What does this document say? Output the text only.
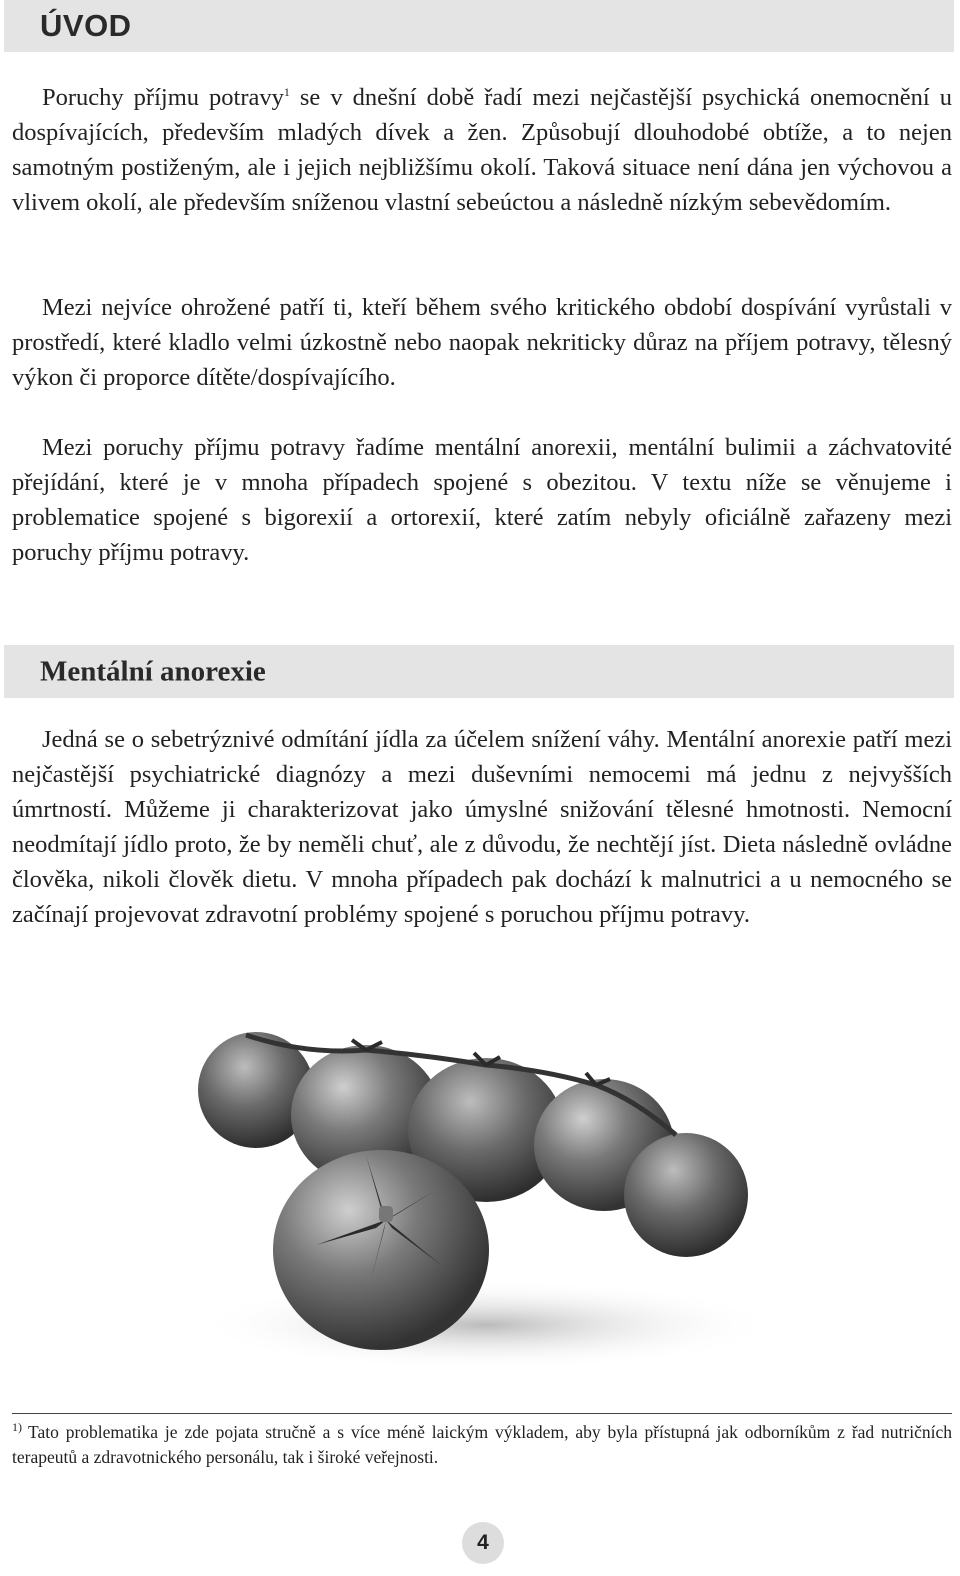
ÚVOD

Poruchy příjmu potravy$^1$ se v dnešní době řadí mezi nejčastější psychická onemocnění u dospívajících, především mladých dívek a žen. Způsobují dlouhodobé obtíže, a to nejen samotným postiženým, ale i jejich nejbližšímu okolí. Taková situace není dána jen výchovou a vlivem okolí, ale především sníženou vlastní sebeúctou a následně nízkým sebevědomím.

Mezi nejvíce ohrožené patří ti, kteří během svého kritického období dospívání vyrůstali v prostředí, které kladlo velmi úzkostně nebo naopak nekriticky důraz na příjem potravy, tělesný výkon či proporce dítěte/dospívajícího.

Mezi poruchy příjmu potravy řadíme mentální anorexii, mentální bulimii a záchvatovité přejídání, které je v mnoha případech spojené s obezitou. V textu níže se věnujeme i problematice spojené s bigorexií a ortorexií, které zatím nebyly oficiálně zařazeny mezi poruchy příjmu potravy.

Mentální anorexie

Jedná se o sebetrýznivé odmítání jídla za účelem snížení váhy. Mentální anorexie patří mezi nejčastější psychiatrické diagnózy a mezi duševními nemocemi má jednu z nejvyšších úmrtností. Můžeme ji charakterizovat jako úmyslné snižování tělesné hmotnosti. Nemocní neodmítají jídlo proto, že by neměli chuť, ale z důvodu, že nechtějí jíst. Dieta následně ovládne člověka, nikoli člověk dietu. V mnoha případech pak dochází k malnutrici a u nemocného se začínají projevovat zdravotní problémy spojené s poruchou příjmu potravy.

$^{1)}$ Tato problematika je zde pojata stručně a s více méně laickým výkladem, aby byla přístupná jak odborníkům z řad nutričních terapeutů a zdravotnického personálu, tak i široké veřejnosti.

4
